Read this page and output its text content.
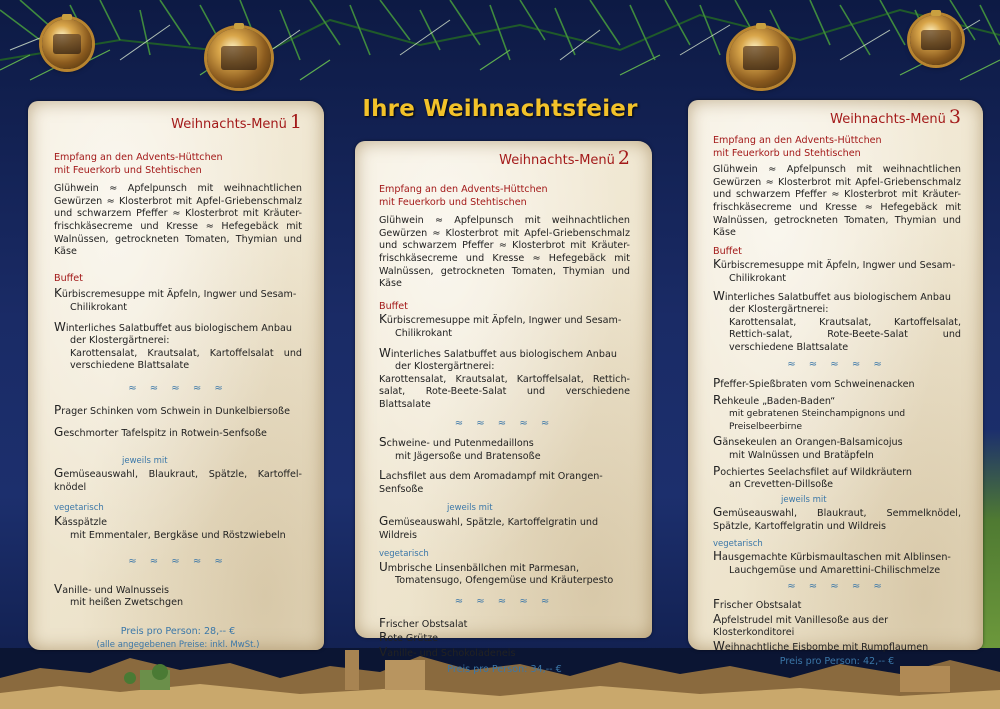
Ihre Weihnachtsfeier
Weihnachts-Menü 1
Empfang an den Advents-Hüttchen
mit Feuerkorb und Stehtischen
Glühwein ≈ Apfelpunsch mit weihnachtlichen Gewürzen ≈ Klosterbrot mit Apfel-Griebenschmalz und schwarzem Pfeffer ≈ Klosterbrot mit Kräuter-frischkäsecreme und Kresse ≈ Hefegebäck mit Walnüssen, getrockneten Tomaten, Thymian und Käse
Buffet
Kürbiscremesuppe mit Äpfeln, Ingwer und Sesam-
Chilikrokant
Winterliches Salatbuffet aus biologischem Anbau
der Klostergärtnerei:
Karottensalat, Krautsalat, Kartoffelsalat und verschiedene Blattsalate
≈ ≈ ≈ ≈ ≈
Prager Schinken vom Schwein in Dunkelbiersoße
Geschmorter Tafelspitz in Rotwein-Senfsoße
jeweils mit
Gemüseauswahl, Blaukraut, Spätzle, Kartoffel-knödel
vegetarisch
Kässpätzle
mit Emmentaler, Bergkäse und Röstzwiebeln
≈ ≈ ≈ ≈ ≈
Vanille- und Walnusseis
mit heißen Zwetschgen
Preis pro Person: 28,-- €
(alle angegebenen Preise: inkl. MwSt.)
Weihnachts-Menü 2
Empfang an den Advents-Hüttchen
mit Feuerkorb und Stehtischen
Glühwein ≈ Apfelpunsch mit weihnachtlichen Gewürzen ≈ Klosterbrot mit Apfel-Griebenschmalz und schwarzem Pfeffer ≈ Klosterbrot mit Kräuter-frischkäsecreme und Kresse ≈ Hefegebäck mit Walnüssen, getrockneten Tomaten, Thymian und Käse
Buffet
Kürbiscremesuppe mit Äpfeln, Ingwer und Sesam-
Chilikrokant
Winterliches Salatbuffet aus biologischem Anbau
der Klostergärtnerei:
Karottensalat, Krautsalat, Kartoffelsalat, Rettich-salat, Rote-Beete-Salat und verschiedene Blattsalate
≈ ≈ ≈ ≈ ≈
Schweine- und Putenmedaillons
mit Jägersoße und Bratensoße
Lachsfilet aus dem Aromadampf mit Orangen-Senfsoße
jeweils mit
Gemüseauswahl, Spätzle, Kartoffelgratin und Wildreis
vegetarisch
Umbrische Linsenbällchen mit Parmesan,
Tomatensugo, Ofengemüse und Kräuterpesto
≈ ≈ ≈ ≈ ≈
Frischer Obstsalat
Rote Grütze
Vanille- und Schokoladeneis
Preis pro Person: 34,-- €
Weihnachts-Menü 3
Empfang an den Advents-Hüttchen
mit Feuerkorb und Stehtischen
Glühwein ≈ Apfelpunsch mit weihnachtlichen Gewürzen ≈ Klosterbrot mit Apfel-Griebenschmalz und schwarzem Pfeffer ≈ Klosterbrot mit Kräuter-frischkäsecreme und Kresse ≈ Hefegebäck mit Walnüssen, getrockneten Tomaten, Thymian und Käse
Buffet
Kürbiscremesuppe mit Äpfeln, Ingwer und Sesam-
Chilikrokant
Winterliches Salatbuffet aus biologischem Anbau
der Klostergärtnerei:
Karottensalat, Krautsalat, Kartoffelsalat, Rettich-salat, Rote-Beete-Salat und verschiedene Blattsalate
≈ ≈ ≈ ≈ ≈
Pfeffer-Spießbraten vom Schweinenacken
Rehkeule „Baden-Baden“
mit gebratenen Steinchampignons und Preiselbeerbirne
Gänsekeulen an Orangen-Balsamicojus
mit Walnüssen und Bratäpfeln
Pochiertes Seelachsfilet auf Wildkräutern
an Crevetten-Dillsoße
jeweils mit
Gemüseauswahl, Blaukraut, Semmelknödel, Spätzle, Kartoffelgratin und Wildreis
vegetarisch
Hausgemachte Kürbismaultaschen mit Alblinsen-
Lauchgemüse und Amarettini-Chilischmelze
≈ ≈ ≈ ≈ ≈
Frischer Obstsalat
Apfelstrudel mit Vanillesoße aus der Klosterkonditorei
Weihnachtliche Eisbombe mit Rumpflaumen
Preis pro Person: 42,-- €
